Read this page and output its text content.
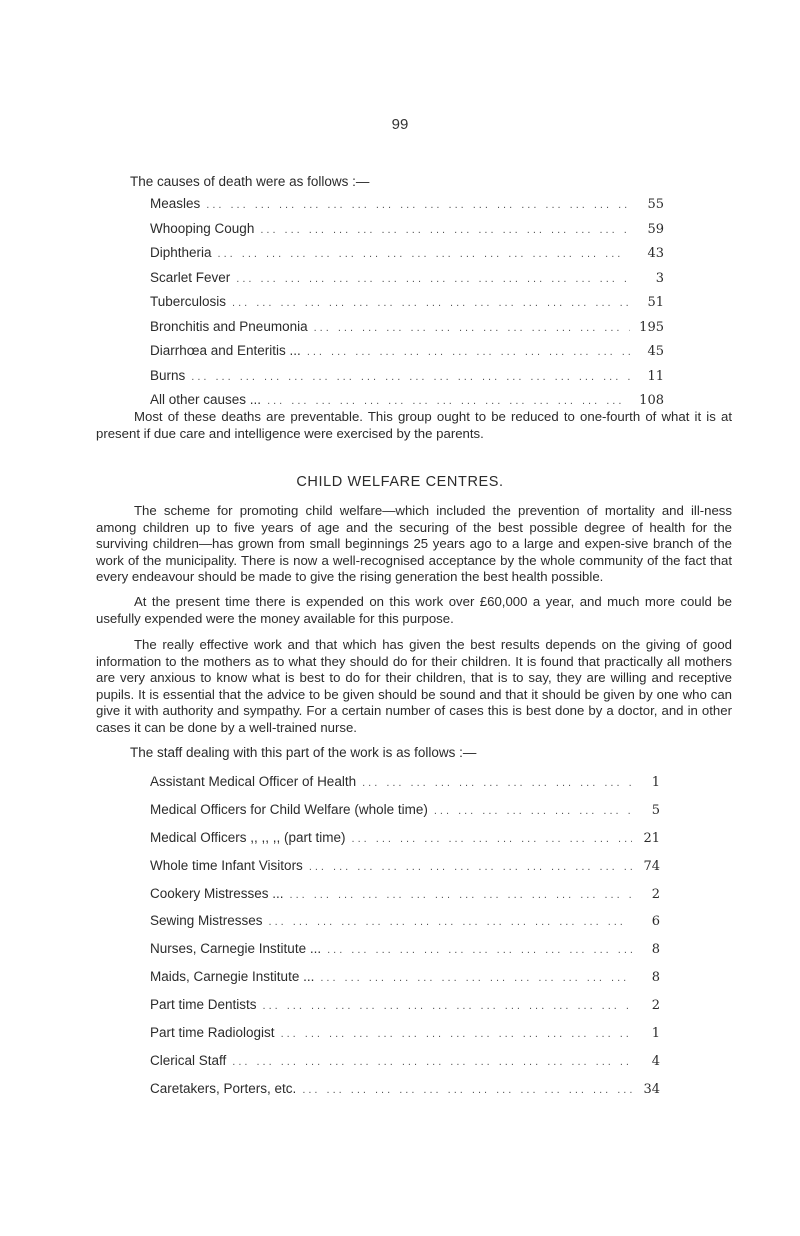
99
The causes of death were as follows :—
Measles ... .	55
Whooping Cough ... .	59
Diphtheria ... .	43
Scarlet Fever ... .	3
Tuberculosis ... .	51
Bronchitis and Pneumonia ... .	195
Diarrhœa and Enteritis ... ... .	45
Burns ... .	11
All other causes ... ... .	108

Most of these deaths are preventable. This group ought to be reduced to one-fourth of what it is at present if due care and intelligence were exercised by the parents.

CHILD WELFARE CENTRES.

The scheme for promoting child welfare—which included the prevention of mortality and ill-ness among children up to five years of age and the securing of the best possible degree of health for the surviving children—has grown from small beginnings 25 years ago to a large and expen-sive branch of the work of the municipality. There is now a well-recognised acceptance by the whole community of the fact that every endeavour should be made to give the rising generation the best health possible.

At the present time there is expended on this work over £60,000 a year, and much more could be usefully expended were the money available for this purpose.

The really effective work and that which has given the best results depends on the giving of good information to the mothers as to what they should do for their children. It is found that practically all mothers are very anxious to know what is best to do for their children, that is to say, they are willing and receptive pupils. It is essential that the advice to be given should be sound and that it should be given by one who can give it with authority and sympathy. For a certain number of cases this is best done by a doctor, and in other cases it can be done by a well-trained nurse.

The staff dealing with this part of the work is as follows :—
Assistant Medical Officer of Health ... .	1
Medical Officers for Child Welfare (whole time) ... .	5
Medical Officers ,, ,, ,, (part time) ... .	21
Whole time Infant Visitors ... .	74
Cookery Mistresses ... ... .	2
Sewing Mistresses ... .	6
Nurses, Carnegie Institute ... ... .	8
Maids, Carnegie Institute ... ... .	8
Part time Dentists ... .	2
Part time Radiologist ... .	1
Clerical Staff ... .	4
Caretakers, Porters, etc. ... .	34
